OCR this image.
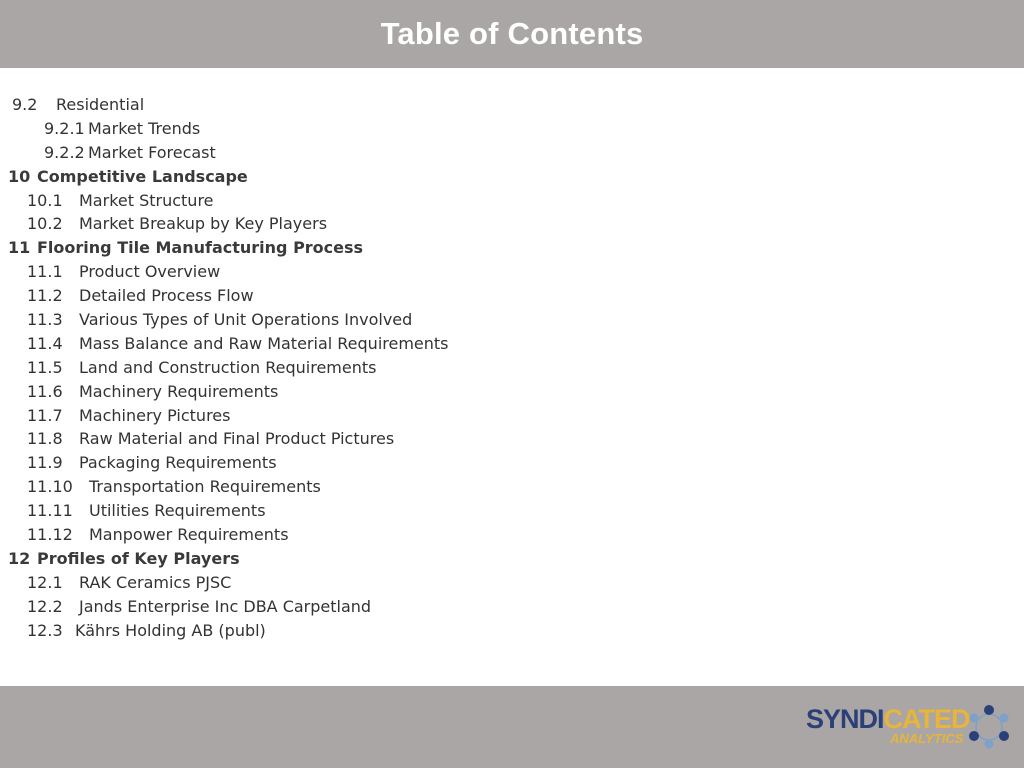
Table of Contents
9.2 Residential
9.2.1 Market Trends
9.2.2 Market Forecast
10 Competitive Landscape
10.1 Market Structure
10.2 Market Breakup by Key Players
11 Flooring Tile Manufacturing Process
11.1 Product Overview
11.2 Detailed Process Flow
11.3 Various Types of Unit Operations Involved
11.4 Mass Balance and Raw Material Requirements
11.5 Land and Construction Requirements
11.6 Machinery Requirements
11.7 Machinery Pictures
11.8 Raw Material and Final Product Pictures
11.9 Packaging Requirements
11.10 Transportation Requirements
11.11 Utilities Requirements
11.12 Manpower Requirements
12 Profiles of Key Players
12.1 RAK Ceramics PJSC
12.2 Jands Enterprise Inc DBA Carpetland
12.3 Kährs Holding AB (publ)
SYNDICATED
ANALYTICS
